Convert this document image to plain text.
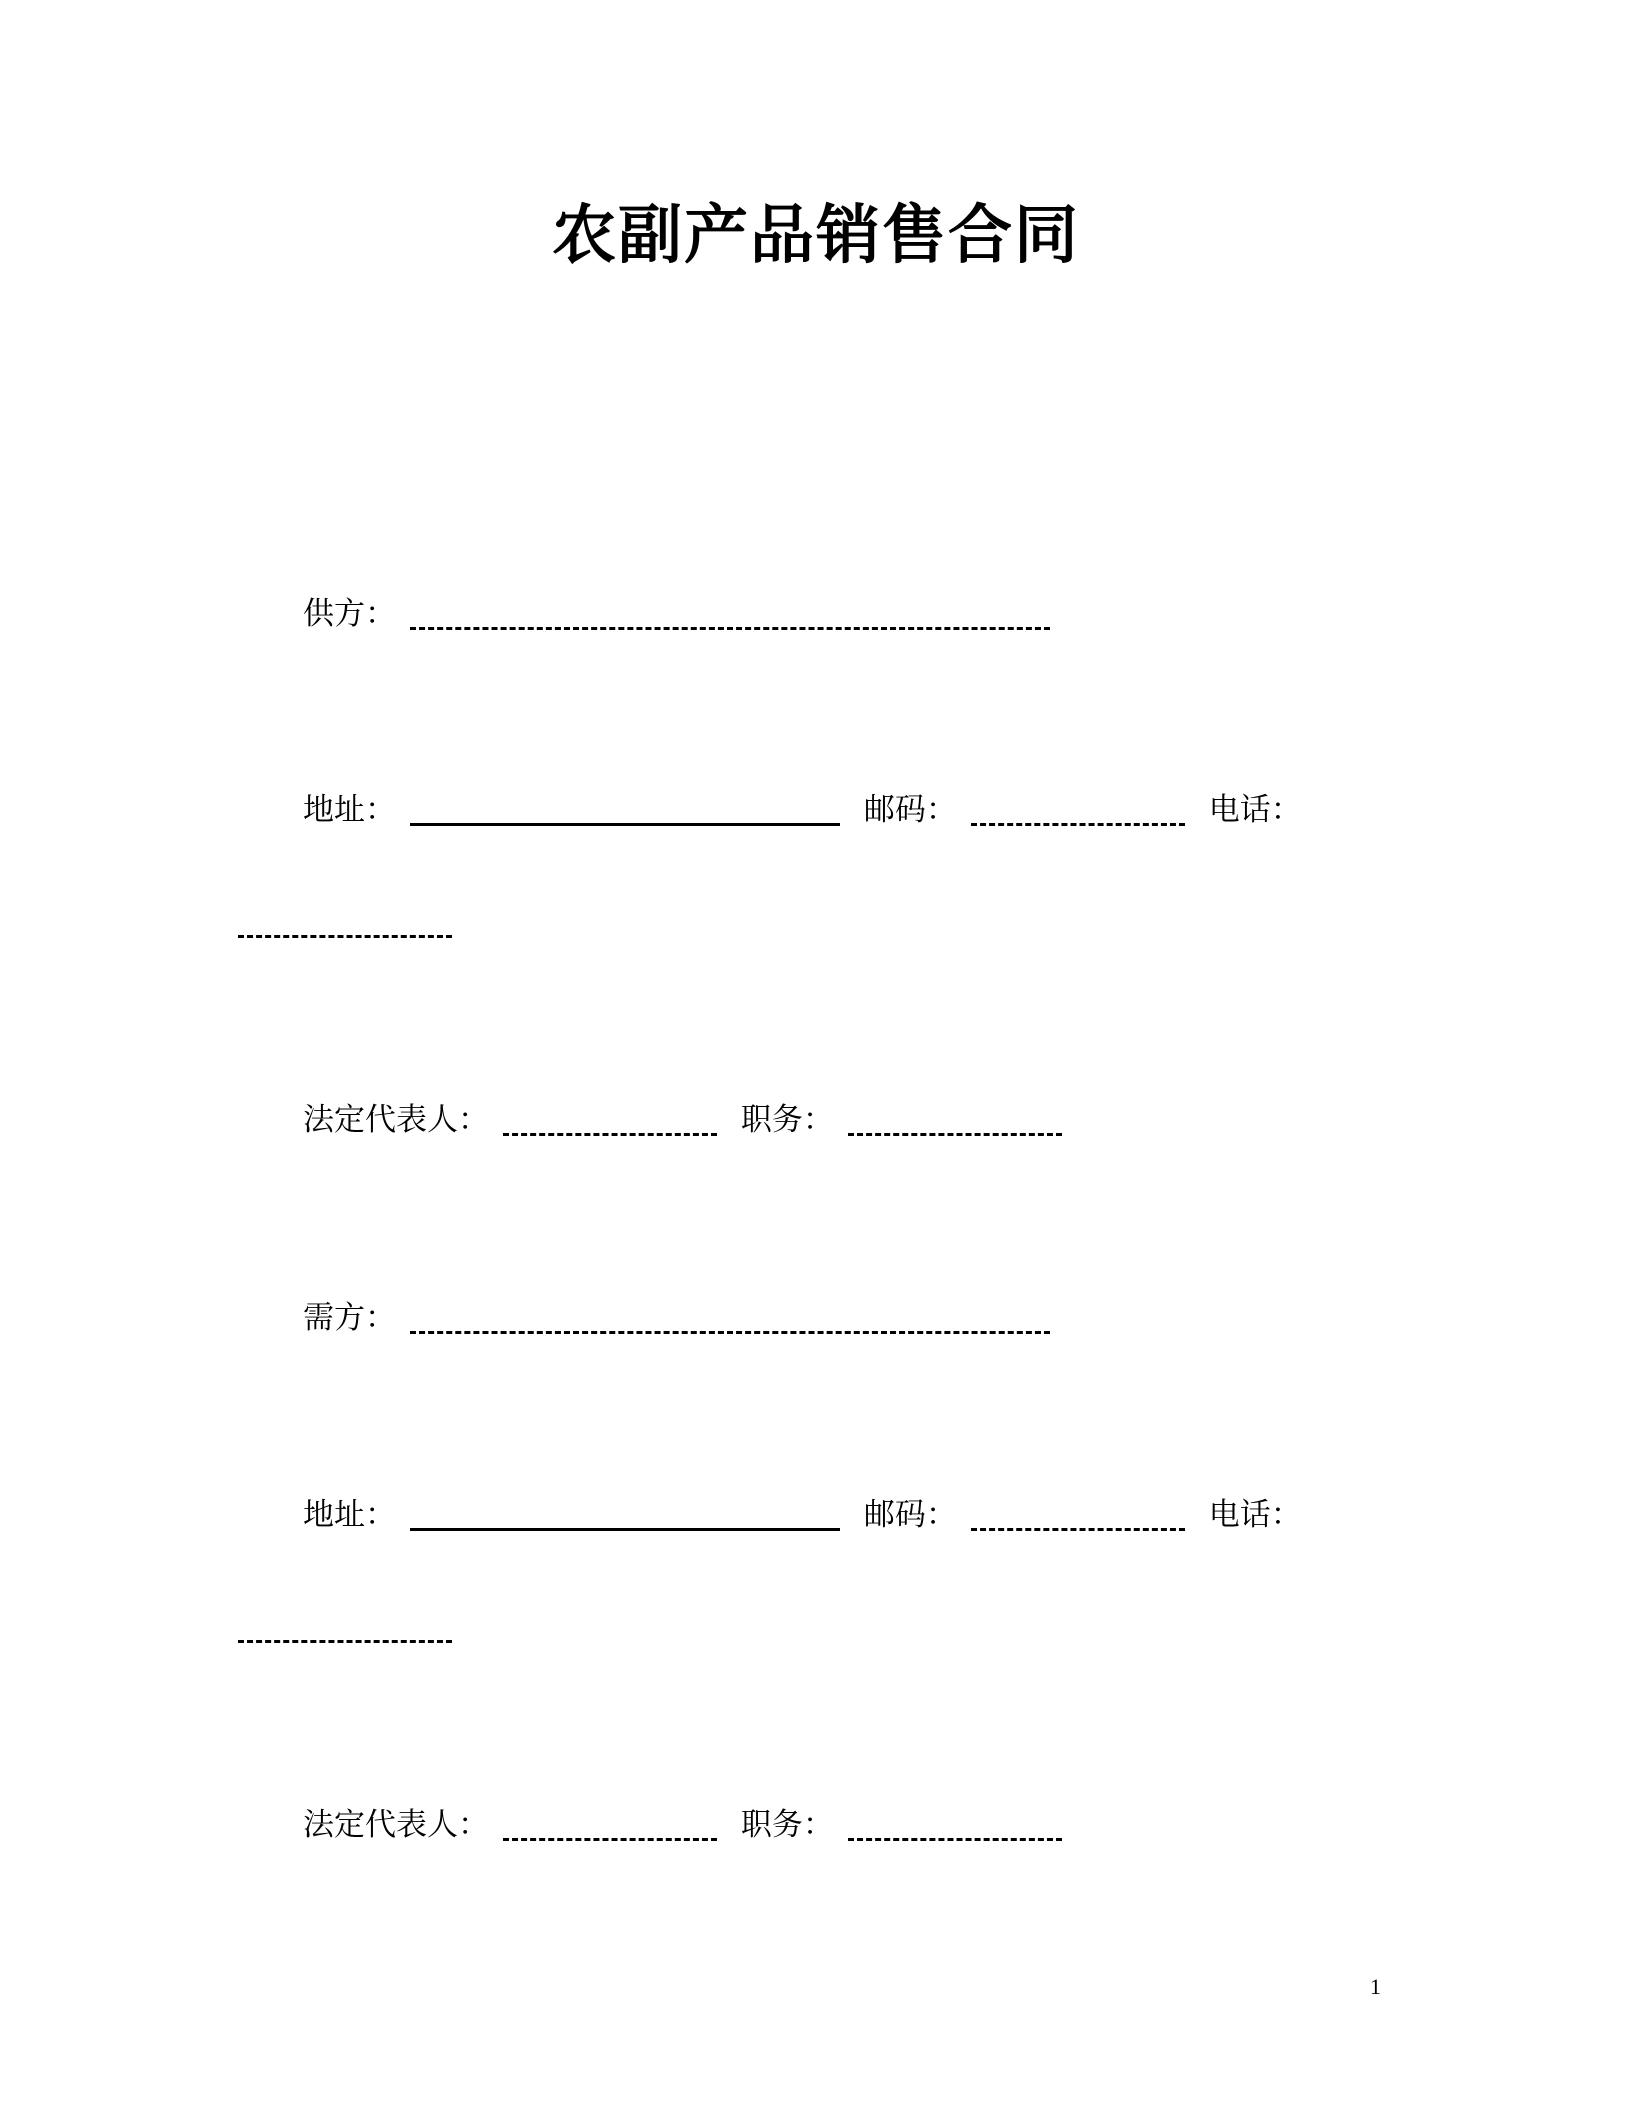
农副产品销售合同
供方：
地址：	邮码：	电话：
法定代表人：	职务：
需方：
地址：	邮码：	电话：
法定代表人：	职务：
1
